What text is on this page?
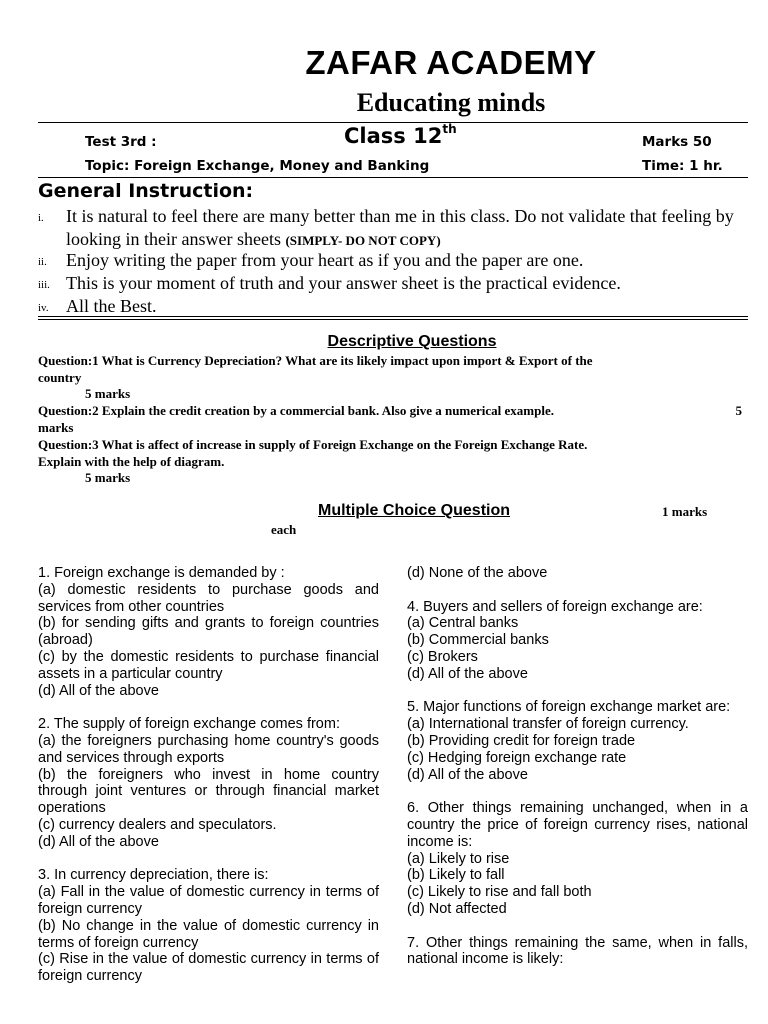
ZAFAR ACADEMY
Educating minds
Test 3rd :	Class 12th
Marks 50
Topic: Foreign Exchange, Money and Banking	Time: 1 hr.
General Instruction:
i. It is natural to feel there are many better than me in this class. Do not validate that feeling by looking in their answer sheets (SIMPLY- DO NOT COPY)
ii. Enjoy writing the paper from your heart as if you and the paper are one.
iii. This is your moment of truth and your answer sheet is the practical evidence.
iv. All the Best.
Descriptive Questions
Question:1 What is Currency Depreciation? What are its likely impact upon import & Export of the
country
5 marks
Question:2 Explain the credit creation by a commercial bank. Also give a numerical example.	5
marks
Question:3 What is affect of increase in supply of Foreign Exchange on the Foreign Exchange Rate.
Explain with the help of diagram.
5 marks
Multiple Choice Question	1 marks
each

1. Foreign exchange is demanded by :

(a) domestic residents to purchase goods and services from other countries

(b) for sending gifts and grants to foreign countries (abroad)

(c) by the domestic residents to purchase financial assets in a particular country

(d) All of the above

2. The supply of foreign exchange comes from:

(a) the foreigners purchasing home country's goods and services through exports

(b) the foreigners who invest in home country through joint ventures or through financial market operations

(c) currency dealers and speculators.

(d) All of the above

3. In currency depreciation, there is:

(a) Fall in the value of domestic currency in terms of foreign currency

(b) No change in the value of domestic currency in terms of foreign currency

(c) Rise in the value of domestic currency in terms of foreign currency

(d) None of the above

4. Buyers and sellers of foreign exchange are:

(a) Central banks

(b) Commercial banks

(c) Brokers

(d) All of the above

5. Major functions of foreign exchange market are:

(a) International transfer of foreign currency.

(b) Providing credit for foreign trade

(c) Hedging foreign exchange rate

(d) All of the above

6. Other things remaining unchanged, when in a country the price of foreign currency rises, national income is:

(a) Likely to rise

(b) Likely to fall

(c) Likely to rise and fall both

(d) Not affected

7. Other things remaining the same, when in falls, national income is likely:
